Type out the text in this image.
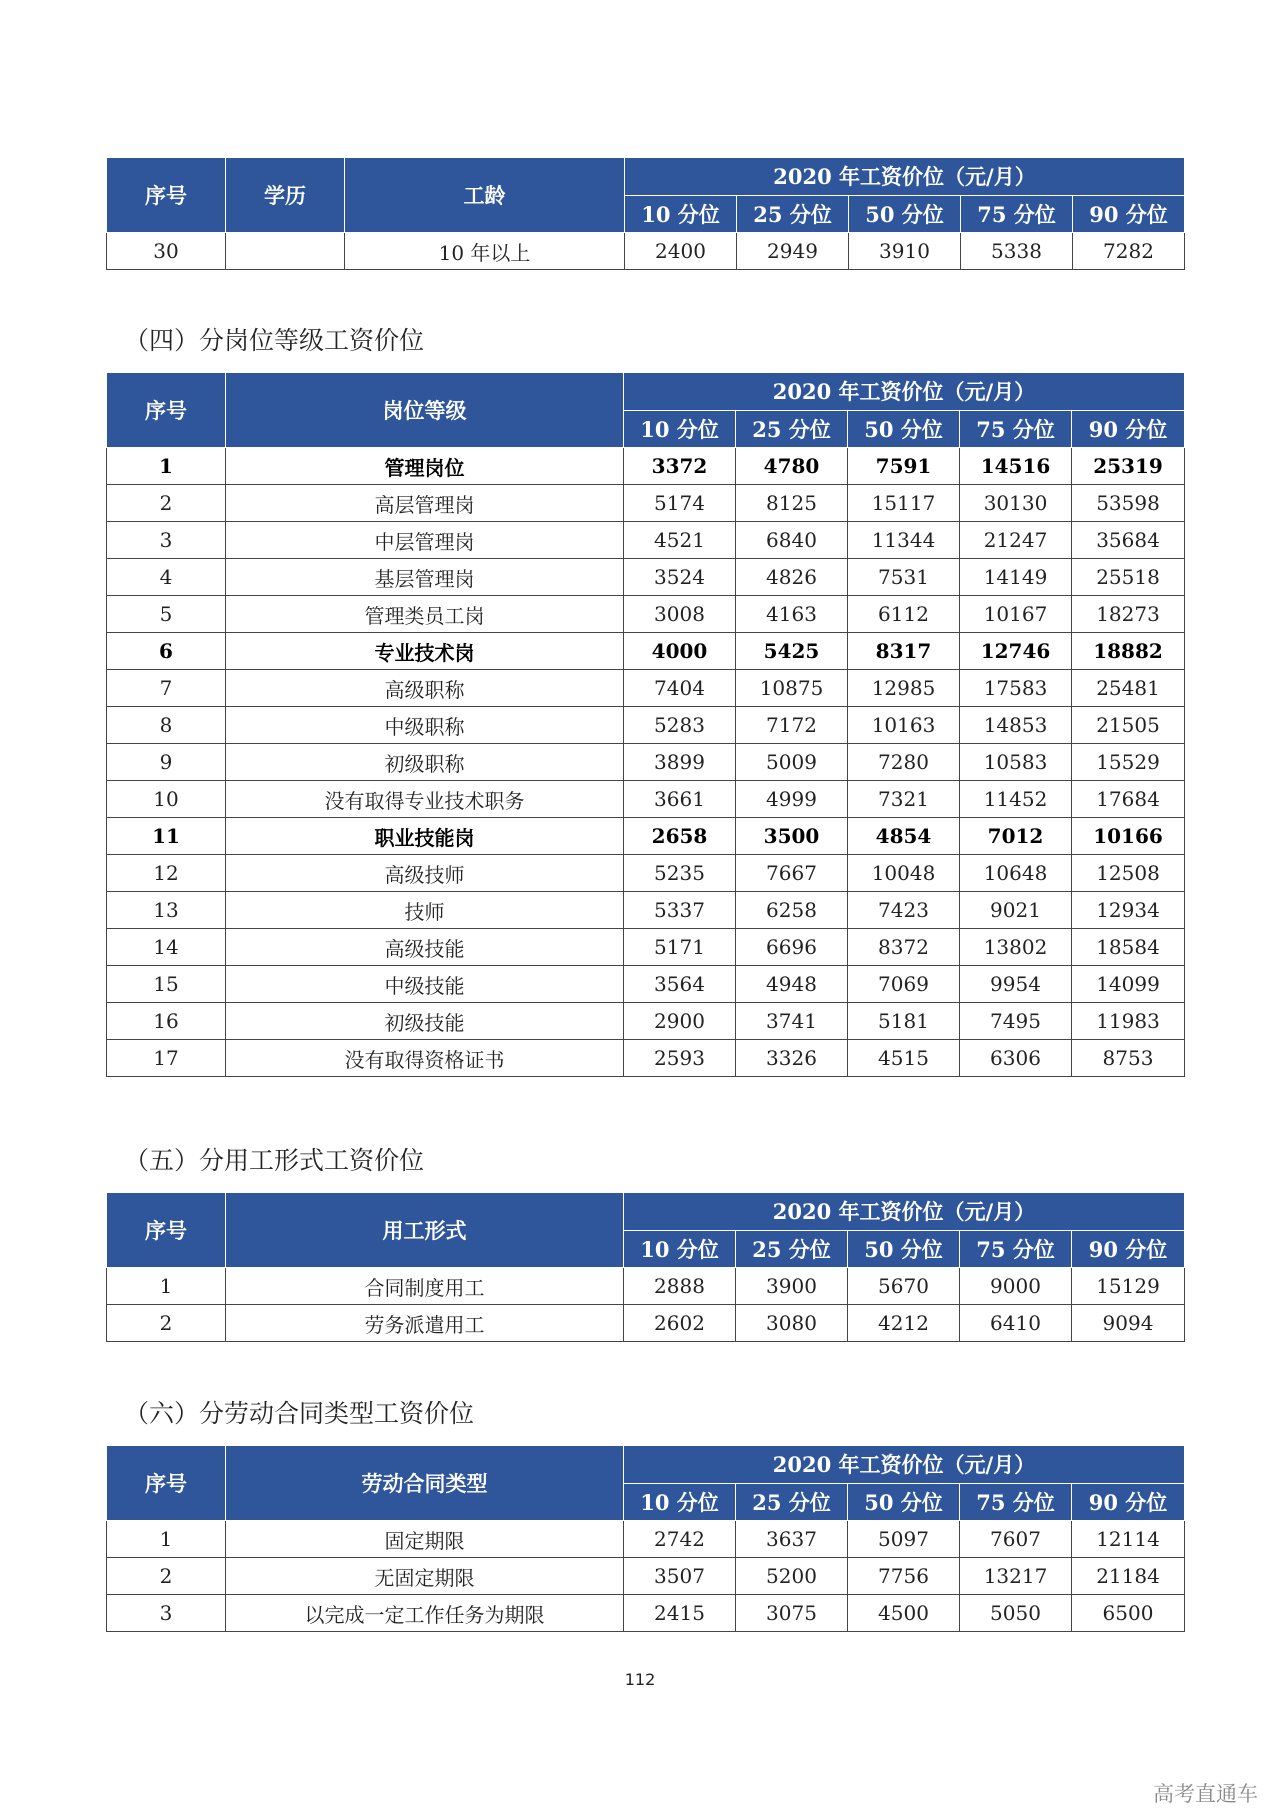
序号	学历	工龄	2020 年工资价位（元/月）				
			10 分位	25 分位	50 分位	75 分位	90 分位
30		10 年以上	2400	2949	3910	5338	7282
（四）分岗位等级工资价位
序号	岗位等级	2020 年工资价位（元/月）				
		10 分位	25 分位	50 分位	75 分位	90 分位
1	管理岗位	3372	4780	7591	14516	25319
2	高层管理岗	5174	8125	15117	30130	53598
3	中层管理岗	4521	6840	11344	21247	35684
4	基层管理岗	3524	4826	7531	14149	25518
5	管理类员工岗	3008	4163	6112	10167	18273
6	专业技术岗	4000	5425	8317	12746	18882
7	高级职称	7404	10875	12985	17583	25481
8	中级职称	5283	7172	10163	14853	21505
9	初级职称	3899	5009	7280	10583	15529
10	没有取得专业技术职务	3661	4999	7321	11452	17684
11	职业技能岗	2658	3500	4854	7012	10166
12	高级技师	5235	7667	10048	10648	12508
13	技师	5337	6258	7423	9021	12934
14	高级技能	5171	6696	8372	13802	18584
15	中级技能	3564	4948	7069	9954	14099
16	初级技能	2900	3741	5181	7495	11983
17	没有取得资格证书	2593	3326	4515	6306	8753
（五）分用工形式工资价位
序号	用工形式	2020 年工资价位（元/月）				
		10 分位	25 分位	50 分位	75 分位	90 分位
1	合同制度用工	2888	3900	5670	9000	15129
2	劳务派遣用工	2602	3080	4212	6410	9094
（六）分劳动合同类型工资价位
序号	劳动合同类型	2020 年工资价位（元/月）				
		10 分位	25 分位	50 分位	75 分位	90 分位
1	固定期限	2742	3637	5097	7607	12114
2	无固定期限	3507	5200	7756	13217	21184
3	以完成一定工作任务为期限	2415	3075	4500	5050	6500
112
高考直通车
